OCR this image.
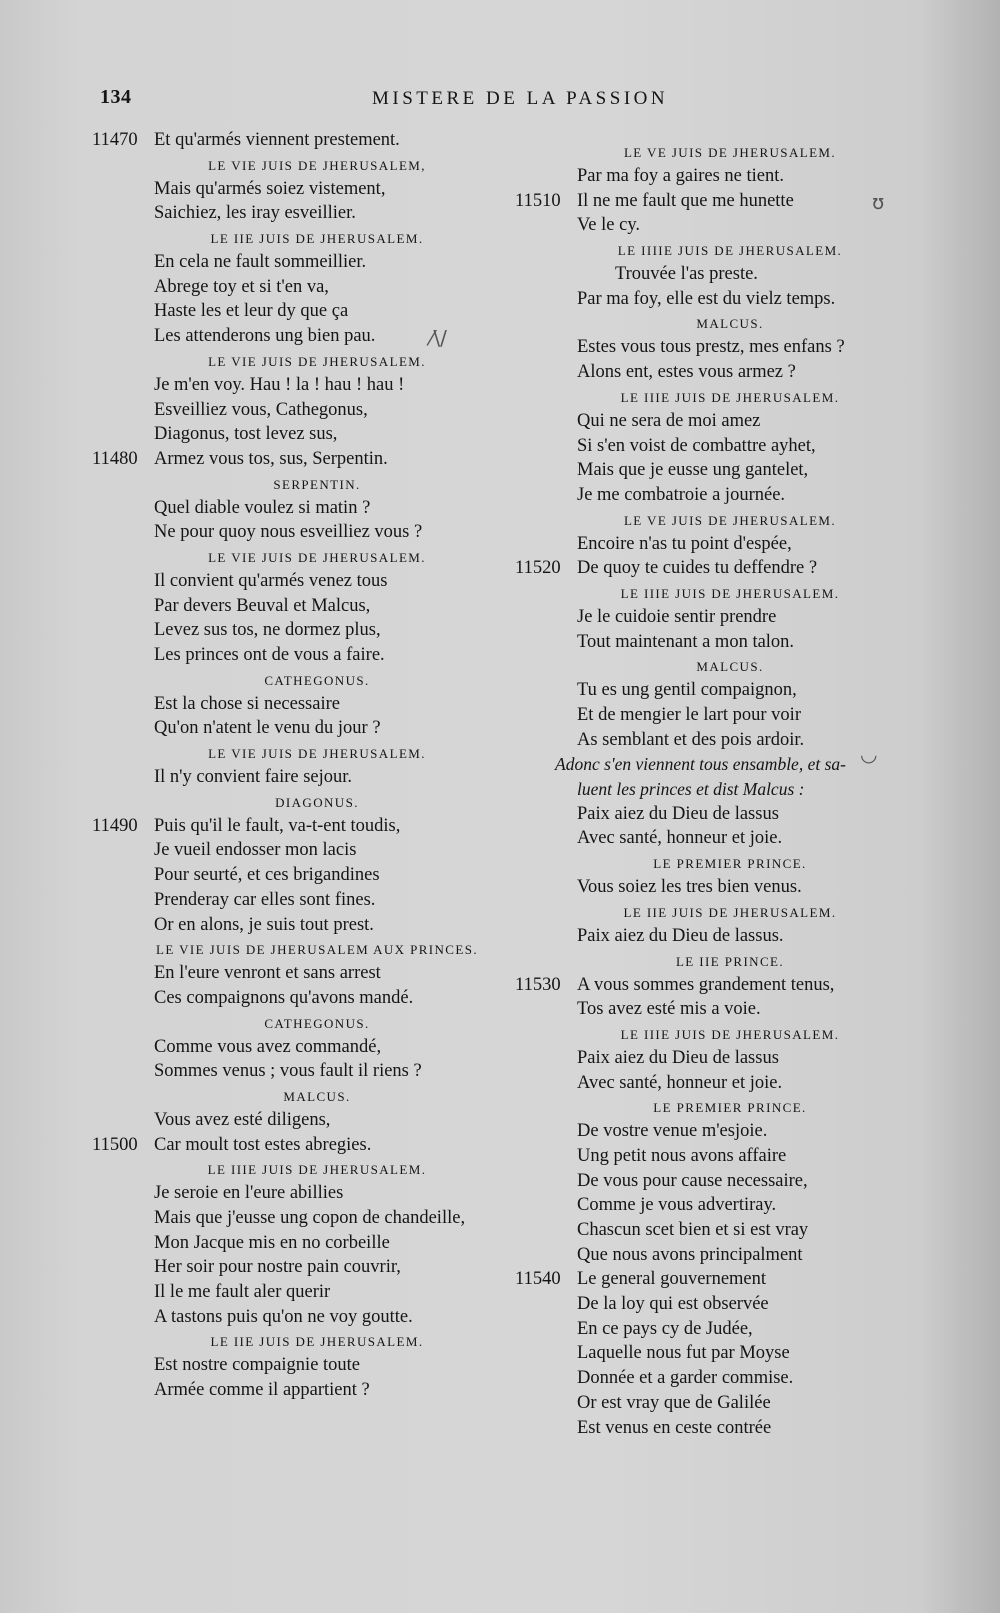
134	MISTERE DE LA PASSION
11470 Et qu'armés viennent prestement.
LE VIE JUIS DE JHERUSALEM,
Mais qu'armés soiez vistement,
Saichiez, les iray esveillier.
LE IIE JUIS DE JHERUSALEM.
En cela ne fault sommeillier.
Abrege toy et si t'en va,
Haste les et leur dy que ça
Les attenderons ung bien pau.
LE VIE JUIS DE JHERUSALEM.
Je m'en voy. Hau ! la ! hau ! hau !
Esveilliez vous, Cathegonus,
Diagonus, tost levez sus,
11480 Armez vous tos, sus, Serpentin.
SERPENTIN.
Quel diable voulez si matin ?
Ne pour quoy nous esveilliez vous ?
LE VIE JUIS DE JHERUSALEM.
Il convient qu'armés venez tous
Par devers Beuval et Malcus,
Levez sus tos, ne dormez plus,
Les princes ont de vous a faire.
CATHEGONUS.
Est la chose si necessaire
Qu'on n'atent le venu du jour ?
LE VIE JUIS DE JHERUSALEM.
Il n'y convient faire sejour.
DIAGONUS.
11490 Puis qu'il le fault, va-t-ent toudis,
Je vueil endosser mon lacis
Pour seurté, et ces brigandines
Prenderay car elles sont fines.
Or en alons, je suis tout prest.
LE VIE JUIS DE JHERUSALEM AUX PRINCES.
En l'eure venront et sans arrest
Ces compaignons qu'avons mandé.
CATHEGONUS.
Comme vous avez commandé,
Sommes venus ; vous fault il riens ?
MALCUS.
Vous avez esté diligens,
11500 Car moult tost estes abregies.
LE IIIE JUIS DE JHERUSALEM.
Je seroie en l'eure abillies
Mais que j'eusse ung copon de chandeille,
Mon Jacque mis en no corbeille
Her soir pour nostre pain couvrir,
Il le me fault aler querir
A tastons puis qu'on ne voy goutte.
LE IIE JUIS DE JHERUSALEM.
Est nostre compaignie toute
Armée comme il appartient ?
LE VE JUIS DE JHERUSALEM.
Par ma foy a gaires ne tient.
11510 Il ne me fault que me hunette
Ve le cy.
LE IIIIE JUIS DE JHERUSALEM.
Trouvée l'as preste.
Par ma foy, elle est du vielz temps.
MALCUS.
Estes vous tous prestz, mes enfans ?
Alons ent, estes vous armez ?
LE IIIE JUIS DE JHERUSALEM.
Qui ne sera de moi amez
Si s'en voist de combattre ayhet,
Mais que je eusse ung gantelet,
Je me combatroie a journée.
LE VE JUIS DE JHERUSALEM.
Encoire n'as tu point d'espée,
11520 De quoy te cuides tu deffendre ?
LE IIIE JUIS DE JHERUSALEM.
Je le cuidoie sentir prendre
Tout maintenant a mon talon.
MALCUS.
Tu es ung gentil compaignon,
Et de mengier le lart pour voir
As semblant et des pois ardoir.
Adonc s'en viennent tous ensamble, et sa-
luent les princes et dist Malcus :
Paix aiez du Dieu de lassus
Avec santé, honneur et joie.
LE PREMIER PRINCE.
Vous soiez les tres bien venus.
LE IIE JUIS DE JHERUSALEM.
Paix aiez du Dieu de lassus.
LE IIE PRINCE.
11530 A vous sommes grandement tenus,
Tos avez esté mis a voie.
LE IIIE JUIS DE JHERUSALEM.
Paix aiez du Dieu de lassus
Avec santé, honneur et joie.
LE PREMIER PRINCE.
De vostre venue m'esjoie.
Ung petit nous avons affaire
De vous pour cause necessaire,
Comme je vous advertiray.
Chascun scet bien et si est vray
Que nous avons principalment
11540 Le general gouvernement
De la loy qui est observée
En ce pays cy de Judée,
Laquelle nous fut par Moyse
Donnée et a garder commise.
Or est vray que de Galilée
Est venus en ceste contrée
⁄\/
ʊ
◡
